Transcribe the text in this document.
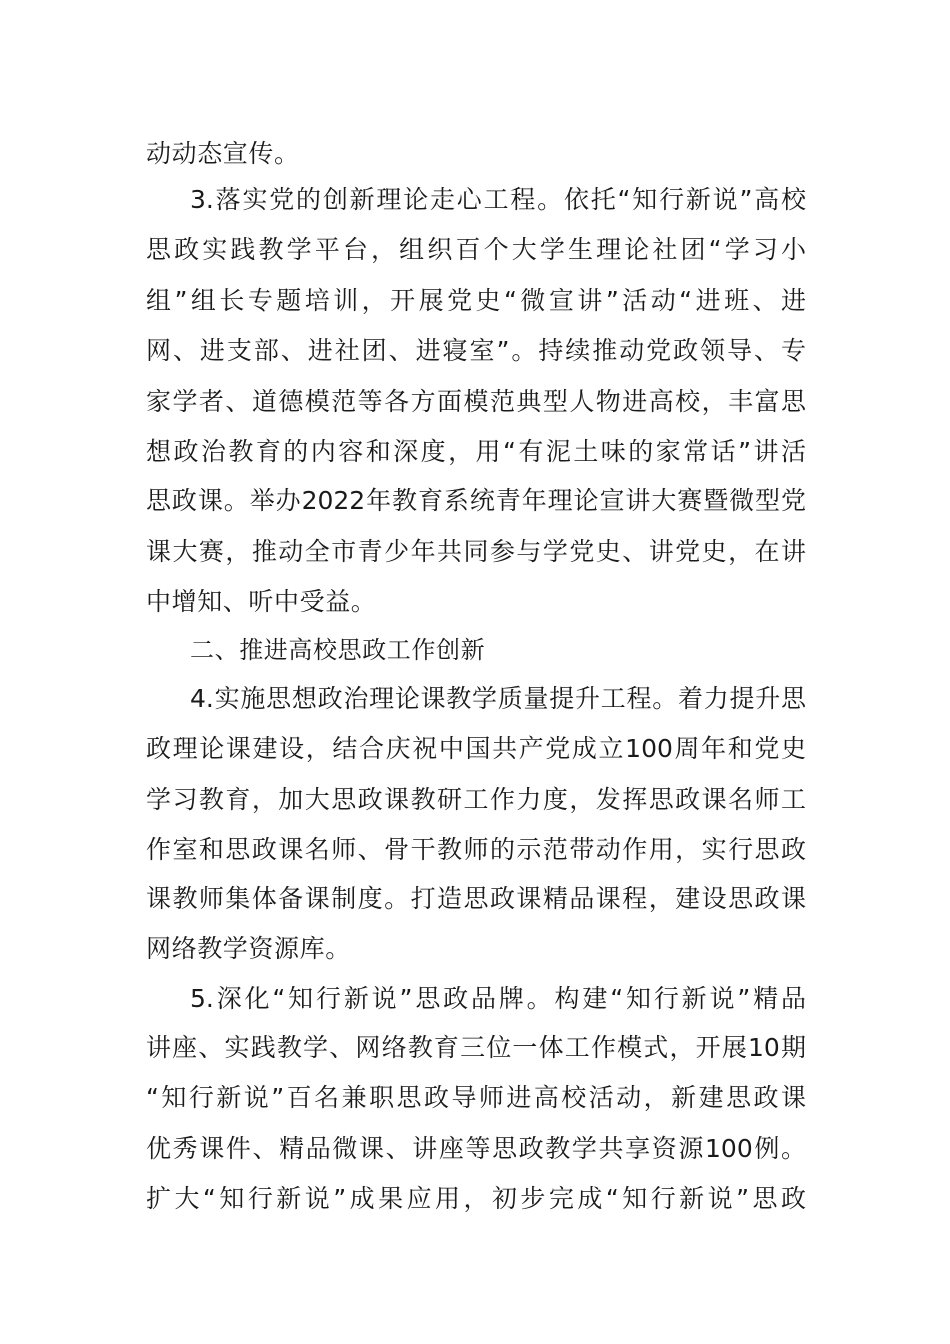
动动态宣传。
3.落实党的创新理论走心工程。依托“知行新说”高校
思政实践教学平台，组织百个大学生理论社团“学习小
组”组长专题培训，开展党史“微宣讲”活动“进班、进
网、进支部、进社团、进寝室”。持续推动党政领导、专
家学者、道德模范等各方面模范典型人物进高校，丰富思
想政治教育的内容和深度，用“有泥土味的家常话”讲活
思政课。举办2022年教育系统青年理论宣讲大赛暨微型党
课大赛，推动全市青少年共同参与学党史、讲党史，在讲
中增知、听中受益。
二、推进高校思政工作创新
4.实施思想政治理论课教学质量提升工程。着力提升思
政理论课建设，结合庆祝中国共产党成立100周年和党史
学习教育，加大思政课教研工作力度，发挥思政课名师工
作室和思政课名师、骨干教师的示范带动作用，实行思政
课教师集体备课制度。打造思政课精品课程，建设思政课
网络教学资源库。
5.深化“知行新说”思政品牌。构建“知行新说”精品
讲座、实践教学、网络教育三位一体工作模式，开展10期
“知行新说”百名兼职思政导师进高校活动，新建思政课
优秀课件、精品微课、讲座等思政教学共享资源100例。
扩大“知行新说”成果应用，初步完成“知行新说”思政
